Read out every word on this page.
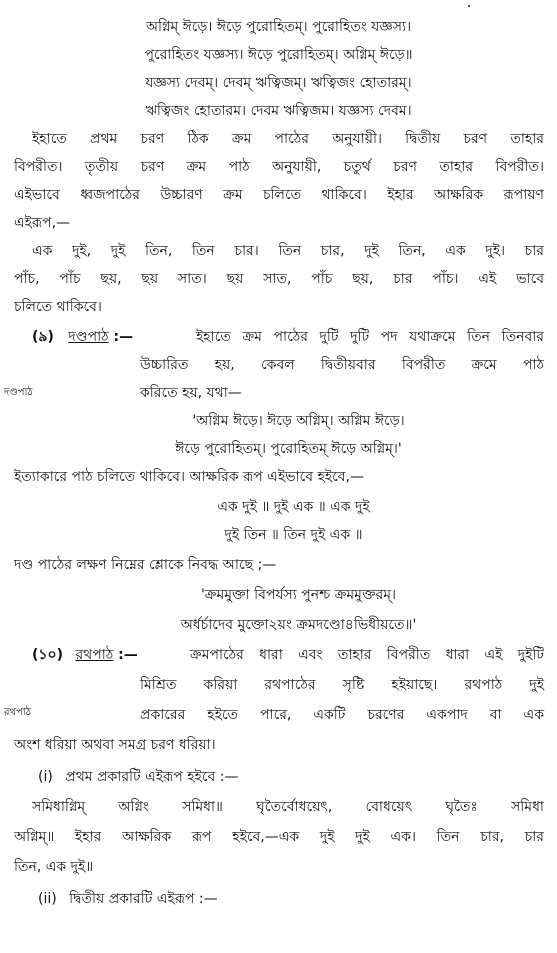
অগ্নিম্ ঈড়ে। ঈড়ে পুরোহিতম্। পুরোহিতং যজ্ঞস্য।
পুরোহিতং যজ্ঞস্য। ঈড়ে পুরোহিতম্। অগ্নিম্ ঈড়ে॥
যজ্ঞস্য দেবম্। দেবম্ ঋত্বিজম্। ঋত্বিজং হোতারম্।
ঋত্বিজং হোতারম। দেবম ঋত্বিজম। যজ্ঞস্য দেবম।
ইহাতে প্রথম চরণ ঠিক ক্রম পাঠের অনুযায়ী। দ্বিতীয় চরণ তাহার
বিপরীত। তৃতীয় চরণ ক্রম পাঠ অনুযায়ী, চতুর্থ চরণ তাহার বিপরীত।
এইভাবে ধ্বজপাঠের উচ্চারণ ক্রম চলিতে থাকিবে। ইহার আক্ষরিক রূপায়ণ
এইরূপ,—
এক দুই, দুই তিন, তিন চার। তিন চার, দুই তিন, এক দুই। চার
পাঁচ, পাঁচ ছয়, ছয় সাত। ছয় সাত, পাঁচ ছয়, চার পাঁচ। এই ভাবে
চলিতে থাকিবে।
(৯) দণ্ডপাঠ :—	ইহাতে ক্রম পাঠের দুটি দুটি পদ যথাক্রমে তিন তিনবার
দণ্ডপাঠ
উচ্চারিত হয়, কেবল দ্বিতীয়বার বিপরীত ক্রমে পাঠ
করিতে হয়, যথা—
'অগ্নিম ঈড়ে। ঈড়ে অগ্নিম্। অগ্নিম ঈড়ে।
ঈড়ে পুরোহিতম্। পুরোহিতম্ ঈড়ে অগ্নিম্।'
ইত্যাকারে পাঠ চলিতে থাকিবে। আক্ষরিক রূপ এইভাবে হইবে,—
এক দুই ॥ দুই এক ॥ এক দুই
দুই তিন ॥ তিন দুই এক ॥
দণ্ড পাঠের লক্ষণ নিম্নের শ্লোকে নিবদ্ধ আছে ;—
'ক্রমমুক্তা বিপর্যস্য পুনশ্চ ক্রমমুক্তরম্।
অর্ধর্চাদেব মুক্তো২য়ং ক্রমদণ্ডো৪ভিধীয়তে॥'
(১০) রথপাঠ :—	ক্রমপাঠের ধারা এবং তাহার বিপরীত ধারা এই দুইটি
রথপাঠ
মিশ্রিত করিয়া রথপাঠের সৃষ্টি হইয়াছে। রথপাঠ দুই
প্রকারের হইতে পারে, একটি চরণের একপাদ বা এক
অংশ ধরিয়া অথবা সমগ্র চরণ ধরিয়া।
(i) প্রথম প্রকারটি এইরূপ হইবে :—
সমিধাগ্নিম্ অগ্নিং সমিধা॥ ঘৃতৈর্বোধয়েৎ, বোধয়েৎ ঘৃতৈঃ সমিধা
অগ্নিম্॥ ইহার আক্ষরিক রূপ হইবে,—এক দুই দুই এক। তিন চার, চার
তিন, এক দুই॥
(ii) দ্বিতীয় প্রকারটি এইরূপ :—
